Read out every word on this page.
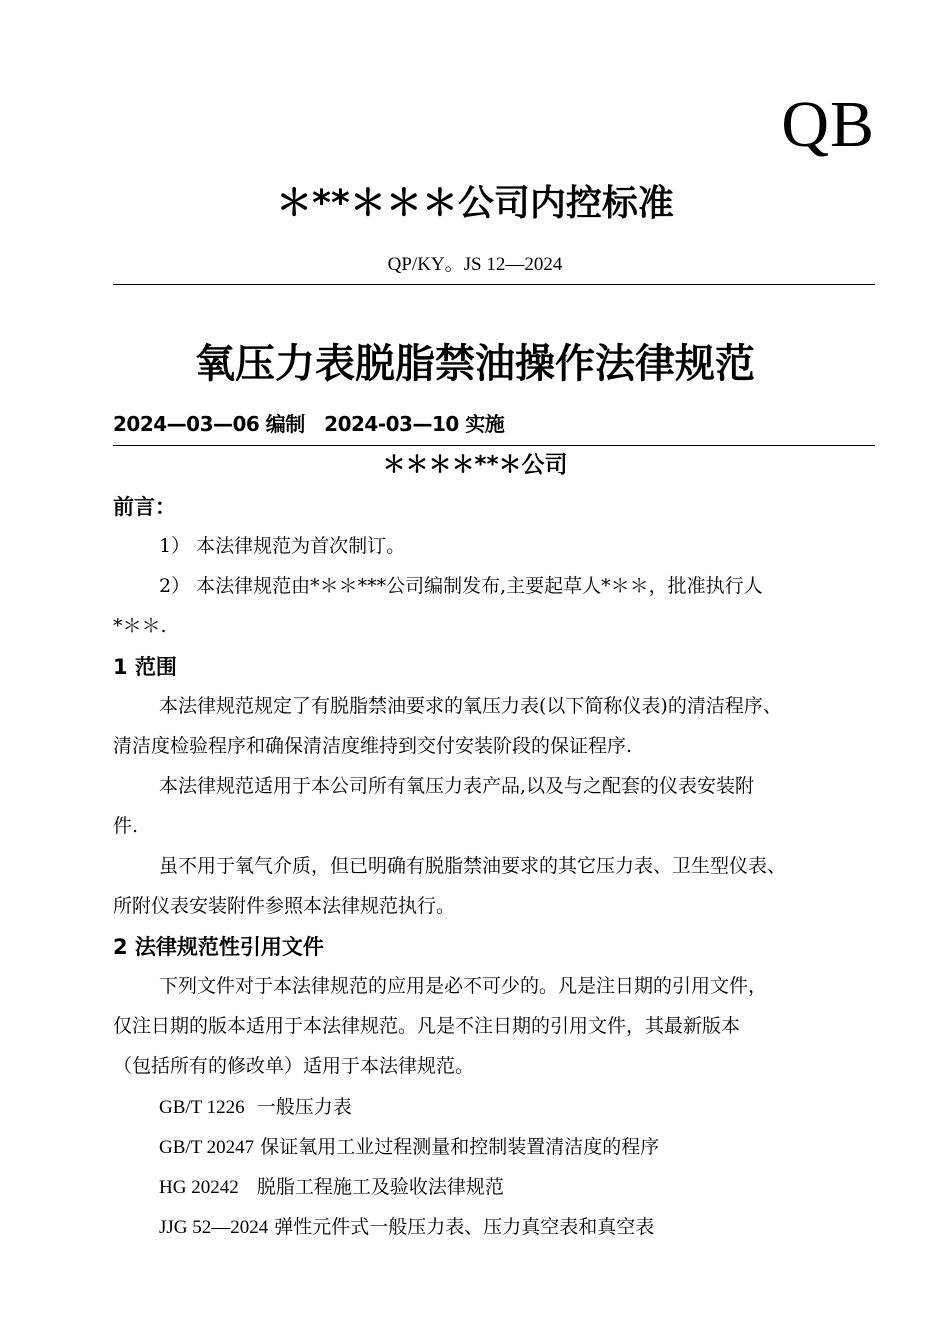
QB
＊**＊＊＊公司内控标准
QP/KY。JS 12—2024
氧压力表脱脂禁油操作法律规范
2024—03—06 编制   2024-03—10 实施
＊＊＊＊**＊公司
前言：
1） 本法律规范为首次制订。
2） 本法律规范由*＊＊***公司编制发布,主要起草人*＊＊，批准执行人
*＊＊.
1 范围
本法律规范规定了有脱脂禁油要求的氧压力表(以下简称仪表)的清洁程序、
清洁度检验程序和确保清洁度维持到交付安装阶段的保证程序.
本法律规范适用于本公司所有氧压力表产品,以及与之配套的仪表安装附
件.
虽不用于氧气介质，但已明确有脱脂禁油要求的其它压力表、卫生型仪表、
所附仪表安装附件参照本法律规范执行。
2 法律规范性引用文件
下列文件对于本法律规范的应用是必不可少的。凡是注日期的引用文件，
仅注日期的版本适用于本法律规范。凡是不注日期的引用文件，其最新版本
（包括所有的修改单）适用于本法律规范。
GB/T 1226  一般压力表
GB/T 20247 保证氧用工业过程测量和控制装置清洁度的程序
HG 20242   脱脂工程施工及验收法律规范
JJG 52—2024 弹性元件式一般压力表、压力真空表和真空表
